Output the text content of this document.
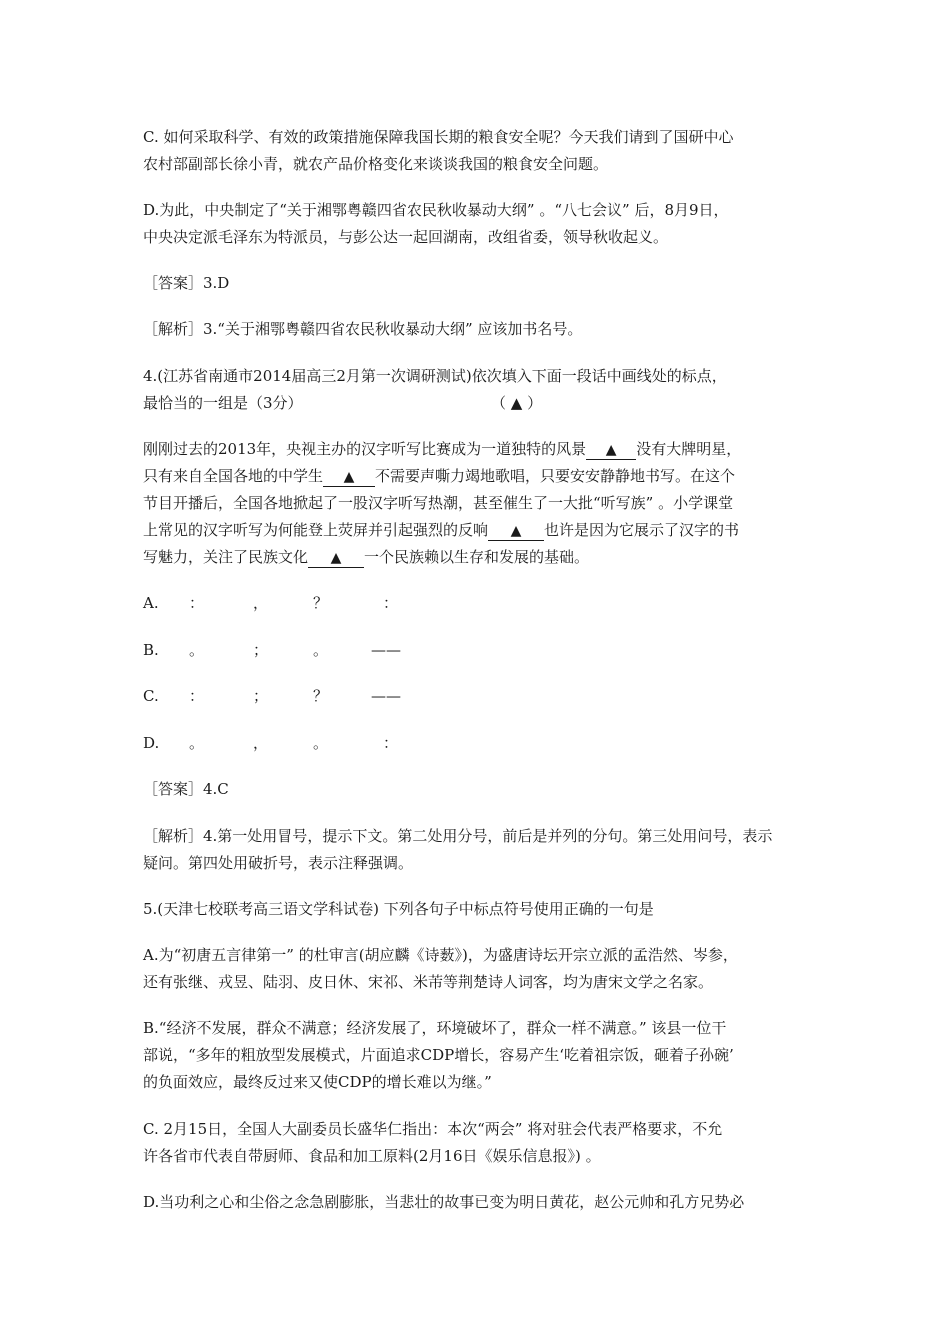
C. 如何采取科学、有效的政策措施保障我国长期的粮食安全呢？今天我们请到了国研中心
农村部副部长徐小青，就农产品价格变化来谈谈我国的粮食安全问题。
D.为此，中央制定了“关于湘鄂粤赣四省农民秋收暴动大纲” 。“八七会议” 后，8月9日，
中央决定派毛泽东为特派员，与彭公达一起回湖南，改组省委，领导秋收起义。
［答案］3.D
［解析］3.“关于湘鄂粤赣四省农民秋收暴动大纲” 应该加书名号。
4.(江苏省南通市2014届高三2月第一次调研测试)依次填入下面一段话中画线处的标点，
最恰当的一组是（3分）	（ ▲ ）
刚刚过去的2013年，央视主办的汉字听写比赛成为一道独特的风景 ▲ 没有大牌明星，
只有来自全国各地的中学生 ▲ 不需要声嘶力竭地歌唱，只要安安静静地书写。在这个
节目开播后，全国各地掀起了一股汉字听写热潮，甚至催生了一大批“听写族” 。小学课堂
上常见的汉字听写为何能登上荧屏并引起强烈的反响 ▲ 也许是因为它展示了汉字的书
写魅力，关注了民族文化 ▲ 一个民族赖以生存和发展的基础。
A. ：	，	？	：
B. 。	；	。	——
C. ：	；	？	——
D. 。	，	。	：
［答案］4.C
［解析］4.第一处用冒号，提示下文。第二处用分号，前后是并列的分句。第三处用问号，表示
疑问。第四处用破折号，表示注释强调。
5.(天津七校联考高三语文学科试卷) 下列各句子中标点符号使用正确的一句是
A.为“初唐五言律第一” 的杜审言(胡应麟《诗薮》)，为盛唐诗坛开宗立派的孟浩然、岑参，
还有张继、戎昱、陆羽、皮日休、宋祁、米芾等荆楚诗人词客，均为唐宋文学之名家。
B.“经济不发展，群众不满意；经济发展了，环境破坏了，群众一样不满意。” 该县一位干
部说，“多年的粗放型发展模式，片面追求CDP增长，容易产生‘吃着祖宗饭，砸着子孙碗’
的负面效应，最终反过来又使CDP的增长难以为继。”
C. 2月15日，全国人大副委员长盛华仁指出：本次“两会” 将对驻会代表严格要求，不允
许各省市代表自带厨师、食品和加工原料(2月16日《娱乐信息报》) 。
D.当功利之心和尘俗之念急剧膨胀，当悲壮的故事已变为明日黄花，赵公元帅和孔方兄势必
